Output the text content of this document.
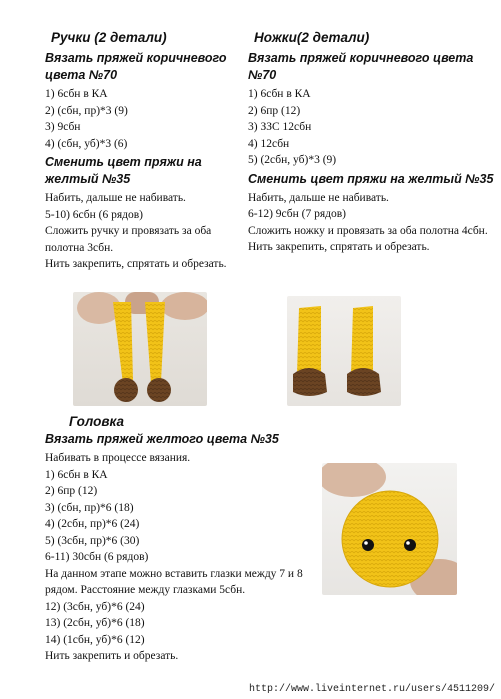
Ручки (2 детали)
Вязать пряжей коричневого цвета №70
1) 6сбн в КА
2) (сбн, пр)*3 (9)
3) 9сбн
4) (сбн, уб)*3 (6)
Сменить цвет пряжи на желтый №35
Набить, дальше не набивать.
5-10) 6сбн (6 рядов)
Сложить ручку и провязать за оба полотна 3сбн.
Нить закрепить, спрятать и обрезать.
Ножки(2 детали)
Вязать пряжей коричневого цвета №70
1) 6сбн в КА
2) 6пр (12)
3) ЗЗС 12сбн
4) 12сбн
5) (2сбн, уб)*3 (9)
Сменить цвет пряжи на желтый №35
Набить, дальше не набивать.
6-12) 9сбн (7 рядов)
Сложить ножку и провязать за оба полотна 4сбн.
Нить закрепить, спрятать и обрезать.
Головка
Вязать пряжей желтого цвета №35
Набивать в процессе вязания.
1) 6сбн в КА
2) 6пр (12)
3) (сбн, пр)*6 (18)
4) (2сбн, пр)*6 (24)
5) (3сбн, пр)*6 (30)
6-11) 30сбн (6 рядов)
На данном этапе можно вставить глазки между 7 и 8 рядом. Расстояние между глазками 5сбн.
12) (3сбн, уб)*6 (24)
13) (2сбн, уб)*6 (18)
14) (1сбн, уб)*6 (12)
Нить закрепить и обрезать.
http://www.liveinternet.ru/users/4511209/
